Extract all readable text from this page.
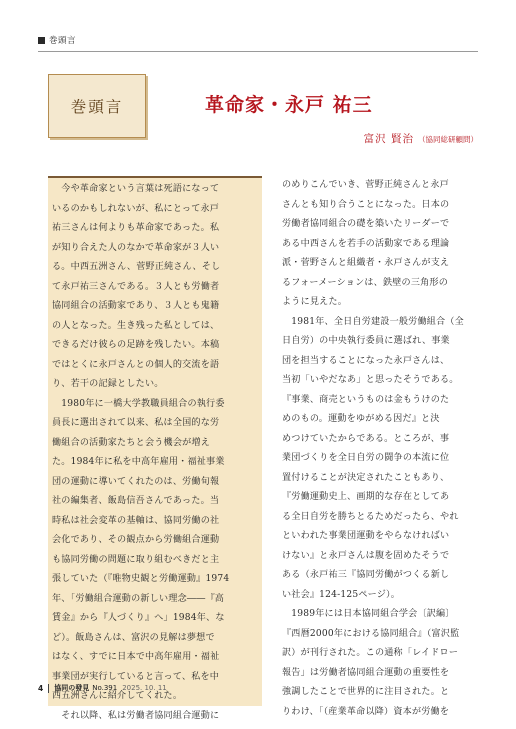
巻頭言
巻頭言	革命家・永戸 祐三
富沢 賢治 （協同総研顧問）

　今や革命家という言葉は死語になって
いるのかもしれないが、私にとって永戸
祐三さんは何よりも革命家であった。私
が知り合えた人のなかで革命家が３人い
る。中西五洲さん、菅野正純さん、そし
て永戸祐三さんである。３人とも労働者
協同組合の活動家であり、３人とも鬼籍
の人となった。生き残った私としては、
できるだけ彼らの足跡を残したい。本稿
ではとくに永戸さんとの個人的交流を語
り、若干の記録としたい。
　1980年に一橋大学教職員組合の執行委
員長に選出されて以来、私は全国的な労
働組合の活動家たちと会う機会が増え
た。1984年に私を中高年雇用・福祉事業
団の運動に導いてくれたのは、労働旬報
社の編集者、飯島信吾さんであった。当
時私は社会変革の基軸は、協同労働の社
会化であり、その観点から労働組合運動
も協同労働の問題に取り組むべきだと主
張していた（『唯物史観と労働運動』1974
年、「労働組合運動の新しい理念――『高
賃金』から『人づくり』へ」1984年、な
ど）。飯島さんは、富沢の見解は夢想で
はなく、すでに日本で中高年雇用・福祉
事業団が実行していると言って、私を中
西五洲さんに紹介してくれた。
　それ以降、私は労働者協同組合運動に

のめりこんでいき、菅野正純さんと永戸
さんとも知り合うことになった。日本の
労働者協同組合の礎を築いたリーダーで
ある中西さんを若手の活動家である理論
派・菅野さんと組織者・永戸さんが支え
るフォーメーションは、鉄壁の三角形の
ように見えた。
　1981年、全日自労建設一般労働組合（全
日自労）の中央執行委員に選ばれ、事業
団を担当することになった永戸さんは、
当初「いやだなあ」と思ったそうである。
『事業、商売というものは金もうけのた
めのもの。運動をゆがめる因だ』と決
めつけていたからである。ところが、事
業団づくりを全日自労の闘争の本流に位
置付けることが決定されたこともあり、
『労働運動史上、画期的な存在としてあ
る全日自労を勝ちとるためだったら、やれ
といわれた事業団運動をやらなければい
けない』と永戸さんは腹を固めたそうで
ある（永戸祐三『協同労働がつくる新し
い社会』124-125ページ）。
　1989年には日本協同組合学会〔訳編〕
『西暦2000年における協同組合』（富沢監
訳）が刊行された。この通称「レイドロー
報告」は労働者協同組合運動の重要性を
強調したことで世界的に注目された。と
りわけ、「（産業革命以降）資本が労働を

4 協同の發見 No.391 2025. 10. 11
